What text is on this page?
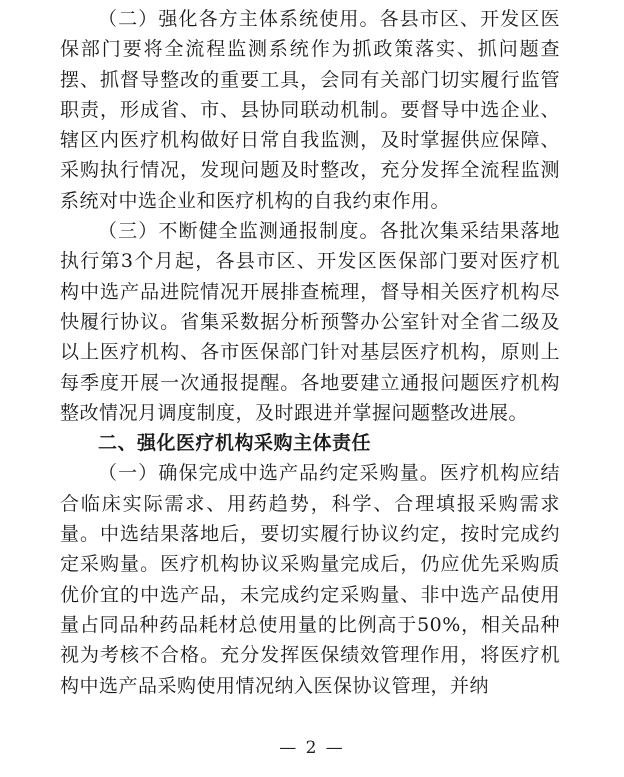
（二）强化各方主体系统使用。各县市区、开发区医保部门要将全流程监测系统作为抓政策落实、抓问题查摆、抓督导整改的重要工具，会同有关部门切实履行监管职责，形成省、市、县协同联动机制。要督导中选企业、辖区内医疗机构做好日常自我监测，及时掌握供应保障、采购执行情况，发现问题及时整改，充分发挥全流程监测系统对中选企业和医疗机构的自我约束作用。

（三）不断健全监测通报制度。各批次集采结果落地执行第3个月起，各县市区、开发区医保部门要对医疗机构中选产品进院情况开展排查梳理，督导相关医疗机构尽快履行协议。省集采数据分析预警办公室针对全省二级及以上医疗机构、各市医保部门针对基层医疗机构，原则上每季度开展一次通报提醒。各地要建立通报问题医疗机构整改情况月调度制度，及时跟进并掌握问题整改进展。

二、强化医疗机构采购主体责任

（一）确保完成中选产品约定采购量。医疗机构应结合临床实际需求、用药趋势，科学、合理填报采购需求量。中选结果落地后，要切实履行协议约定，按时完成约定采购量。医疗机构协议采购量完成后，仍应优先采购质优价宜的中选产品，未完成约定采购量、非中选产品使用量占同品种药品耗材总使用量的比例高于50%，相关品种视为考核不合格。充分发挥医保绩效管理作用，将医疗机构中选产品采购使用情况纳入医保协议管理，并纳

— 2 —
